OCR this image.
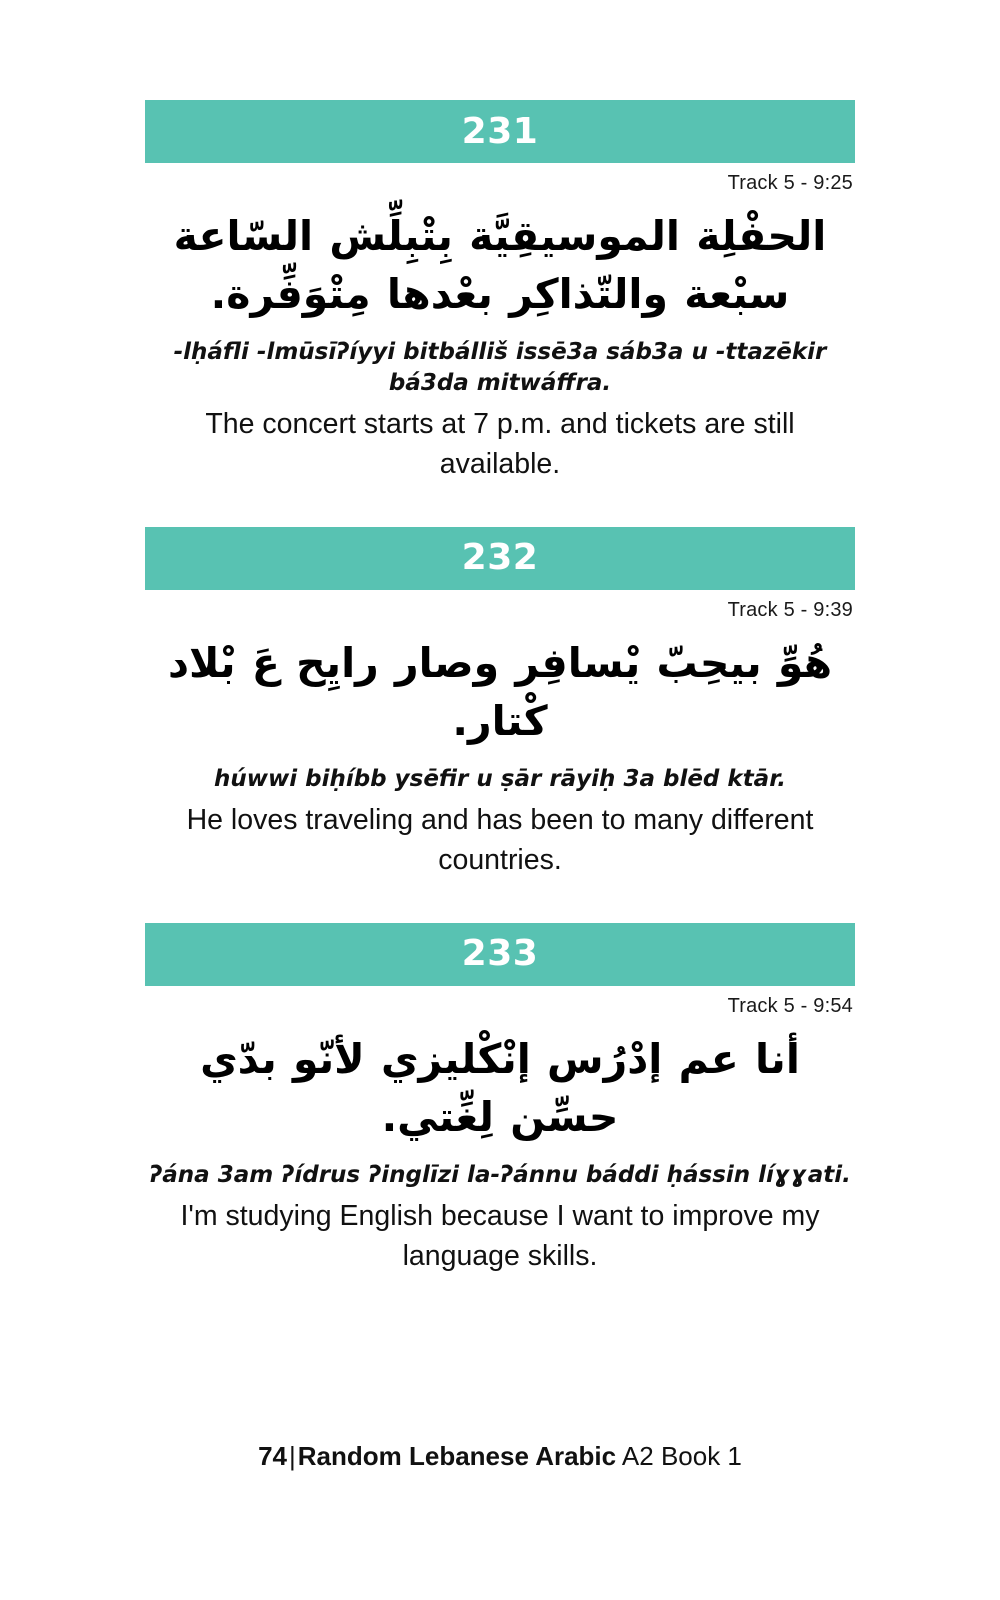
231
Track 5 - 9:25
الحفْلِة الموسيقِيَّة بِتْبِلِّش السّاعة سبْعة والتّذاكِر بعْدها مِتْوَفِّرة.
-lḥáfli -lmūsīʔíyyi bitbálliš issē3a sáb3a u -ttazēkir bá3da mitwáffra.
The concert starts at 7 p.m. and tickets are still available.
232
Track 5 - 9:39
هُوِّ بيحِبّ يْسافِر وصار رايِح عَ بْلاد كْتار.
húwwi biḥíbb ysēfir u ṣār rāyiḥ 3a blēd ktār.
He loves traveling and has been to many different countries.
233
Track 5 - 9:54
أنا عم إدْرُس إنْكْليزي لأنّو بدّي حسِّن لِغِّتي.
ʔána 3am ʔídrus ʔinglīzi la-ʔánnu báddi ḥássin líɣɣati.
I'm studying English because I want to improve my language skills.
74|Random Lebanese Arabic A2 Book 1
